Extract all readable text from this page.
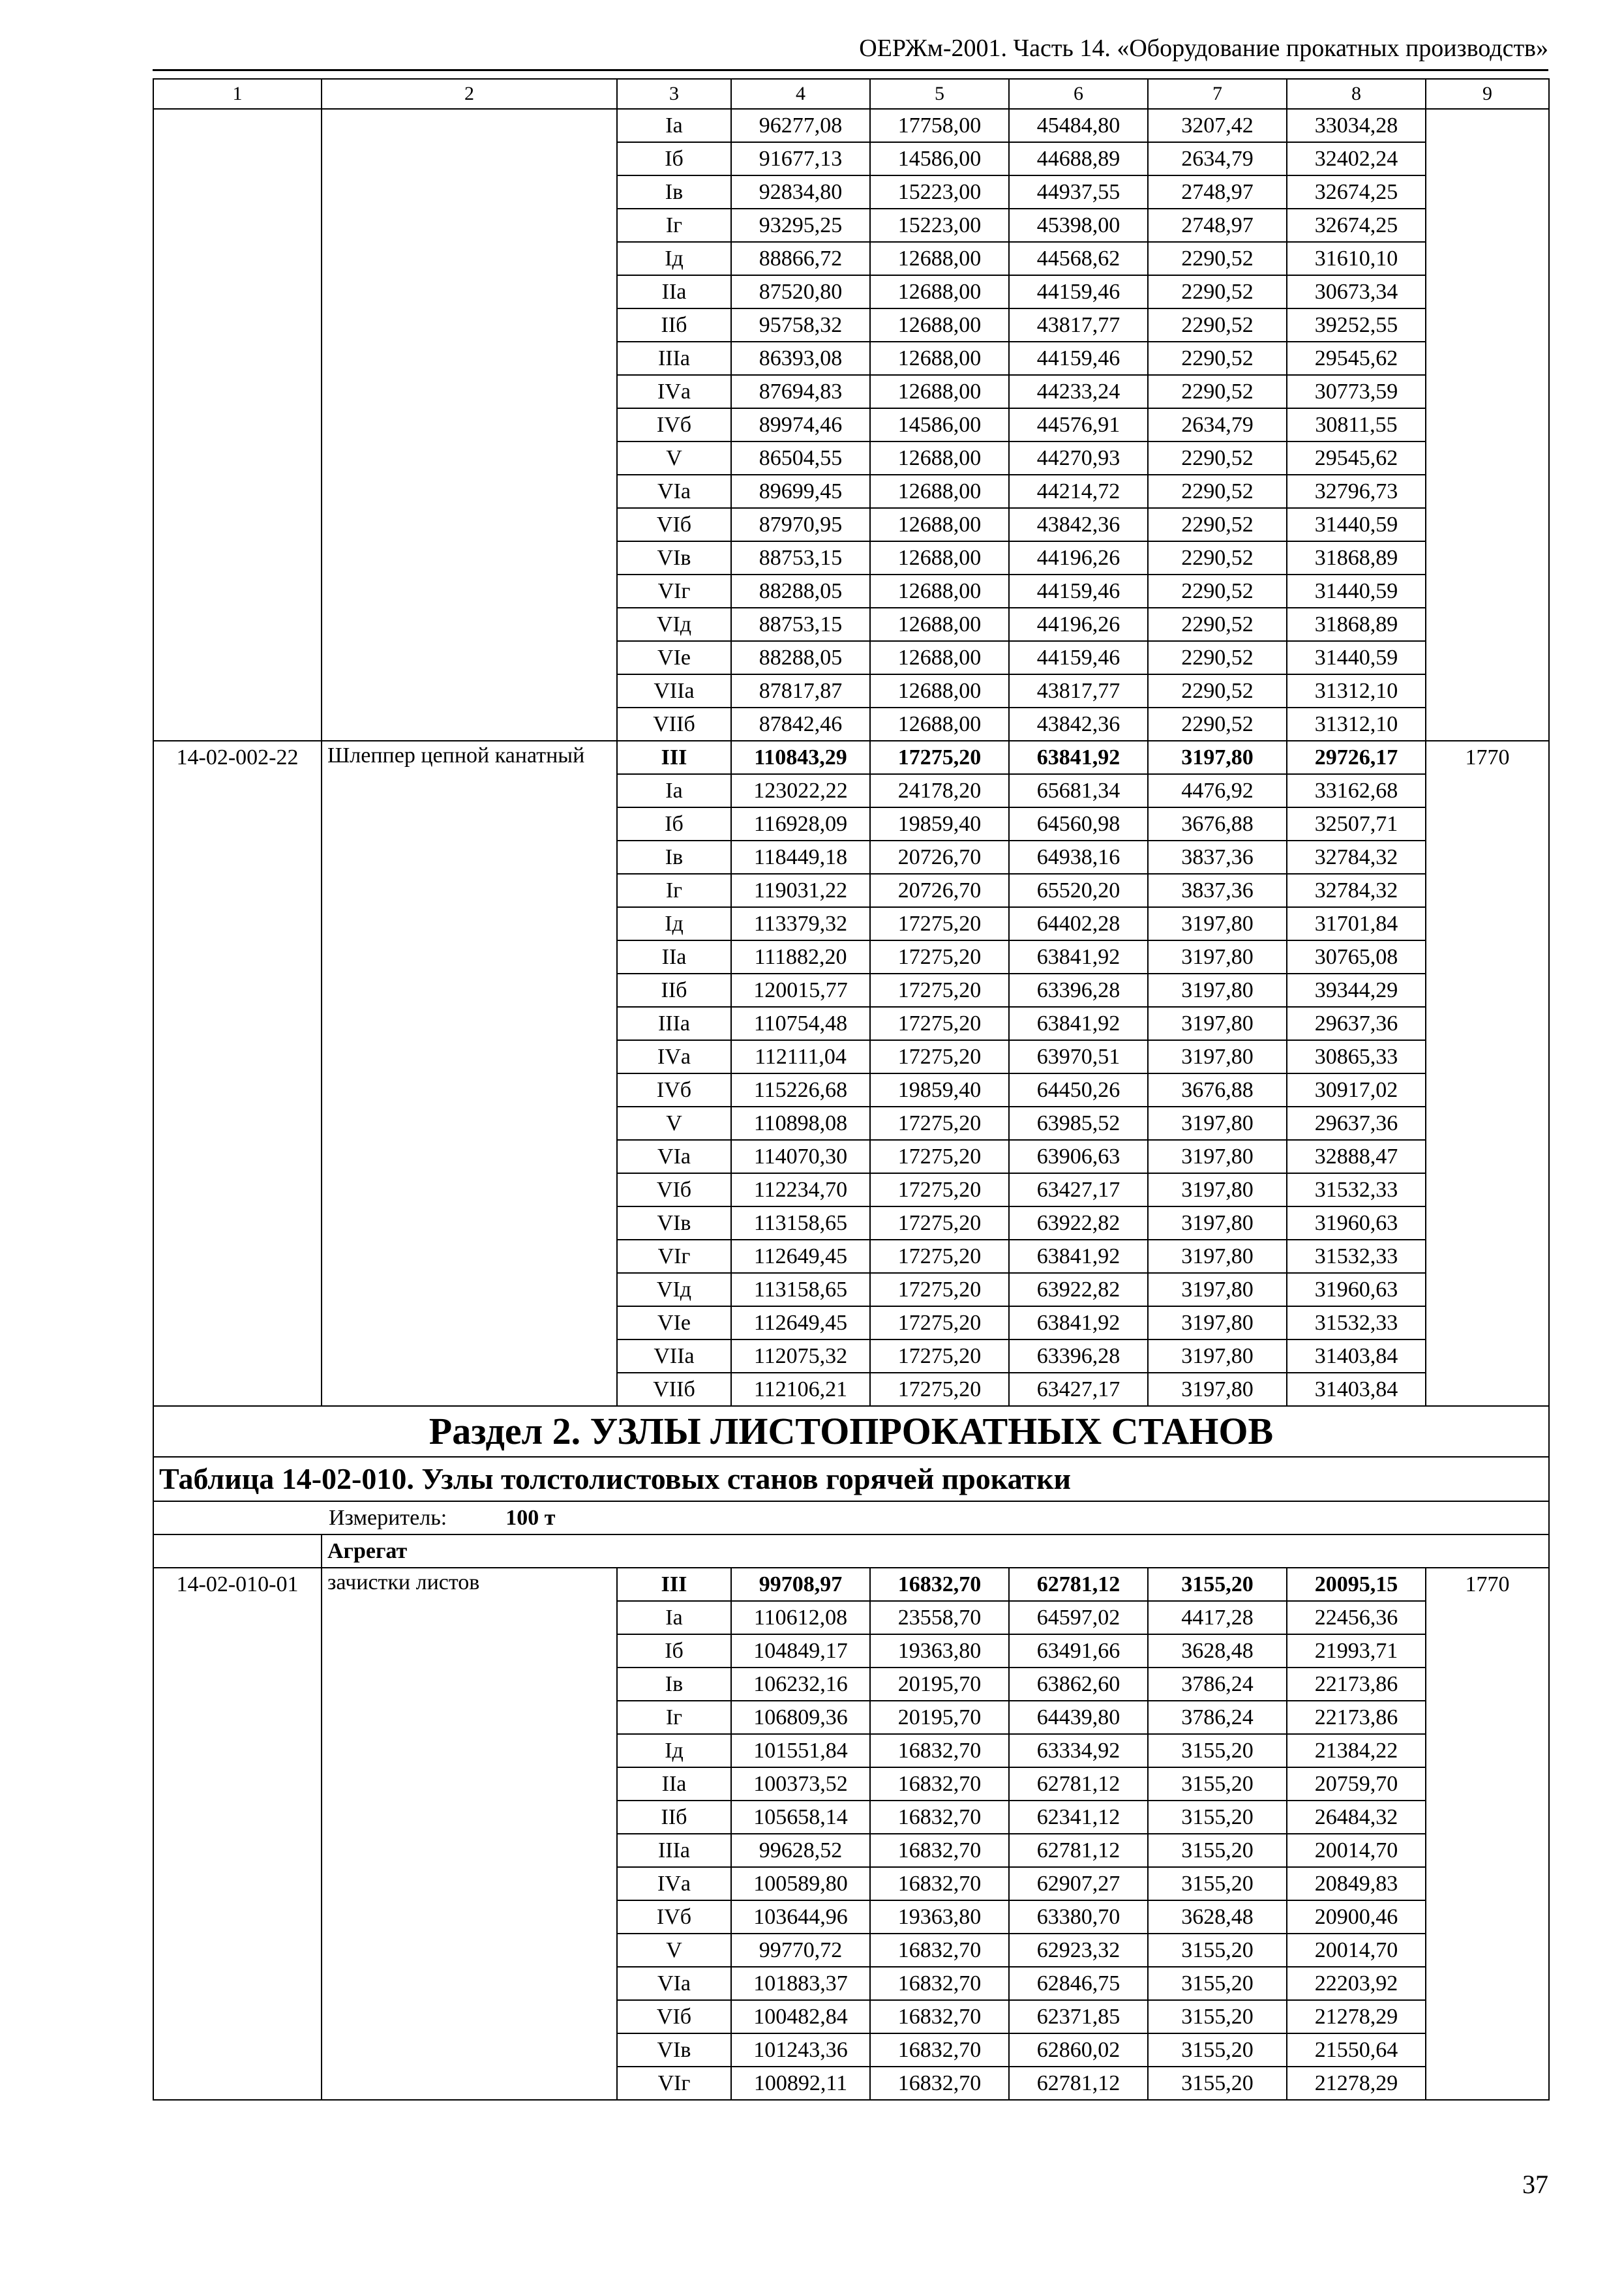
ОЕРЖм-2001. Часть 14. «Оборудование прокатных производств»
1	2	3	4	5	6	7	8	9
		Iа	96277,08	17758,00	45484,80	3207,42	33034,28	
		Iб	91677,13	14586,00	44688,89	2634,79	32402,24	
		Iв	92834,80	15223,00	44937,55	2748,97	32674,25	
		Iг	93295,25	15223,00	45398,00	2748,97	32674,25	
		Iд	88866,72	12688,00	44568,62	2290,52	31610,10	
		IIа	87520,80	12688,00	44159,46	2290,52	30673,34	
		IIб	95758,32	12688,00	43817,77	2290,52	39252,55	
		IIIа	86393,08	12688,00	44159,46	2290,52	29545,62	
		IVа	87694,83	12688,00	44233,24	2290,52	30773,59	
		IVб	89974,46	14586,00	44576,91	2634,79	30811,55	
		V	86504,55	12688,00	44270,93	2290,52	29545,62	
		VIа	89699,45	12688,00	44214,72	2290,52	32796,73	
		VIб	87970,95	12688,00	43842,36	2290,52	31440,59	
		VIв	88753,15	12688,00	44196,26	2290,52	31868,89	
		VIг	88288,05	12688,00	44159,46	2290,52	31440,59	
		VIд	88753,15	12688,00	44196,26	2290,52	31868,89	
		VIе	88288,05	12688,00	44159,46	2290,52	31440,59	
		VIIа	87817,87	12688,00	43817,77	2290,52	31312,10	
		VIIб	87842,46	12688,00	43842,36	2290,52	31312,10	
14-02-002-22	Шлеппер цепной канатный	III	110843,29	17275,20	63841,92	3197,80	29726,17	1770
		Iа	123022,22	24178,20	65681,34	4476,92	33162,68	
		Iб	116928,09	19859,40	64560,98	3676,88	32507,71	
		Iв	118449,18	20726,70	64938,16	3837,36	32784,32	
		Iг	119031,22	20726,70	65520,20	3837,36	32784,32	
		Iд	113379,32	17275,20	64402,28	3197,80	31701,84	
		IIа	111882,20	17275,20	63841,92	3197,80	30765,08	
		IIб	120015,77	17275,20	63396,28	3197,80	39344,29	
		IIIа	110754,48	17275,20	63841,92	3197,80	29637,36	
		IVа	112111,04	17275,20	63970,51	3197,80	30865,33	
		IVб	115226,68	19859,40	64450,26	3676,88	30917,02	
		V	110898,08	17275,20	63985,52	3197,80	29637,36	
		VIа	114070,30	17275,20	63906,63	3197,80	32888,47	
		VIб	112234,70	17275,20	63427,17	3197,80	31532,33	
		VIв	113158,65	17275,20	63922,82	3197,80	31960,63	
		VIг	112649,45	17275,20	63841,92	3197,80	31532,33	
		VIд	113158,65	17275,20	63922,82	3197,80	31960,63	
		VIе	112649,45	17275,20	63841,92	3197,80	31532,33	
		VIIа	112075,32	17275,20	63396,28	3197,80	31403,84	
		VIIб	112106,21	17275,20	63427,17	3197,80	31403,84	
Раздел 2. УЗЛЫ ЛИСТОПРОКАТНЫХ СТАНОВ								
Таблица 14-02-010. Узлы толстолистовых станов горячей прокатки								
Измеритель: 100 т								
	Агрегат							
14-02-010-01	зачистки листов	III	99708,97	16832,70	62781,12	3155,20	20095,15	1770
		Iа	110612,08	23558,70	64597,02	4417,28	22456,36	
		Iб	104849,17	19363,80	63491,66	3628,48	21993,71	
		Iв	106232,16	20195,70	63862,60	3786,24	22173,86	
		Iг	106809,36	20195,70	64439,80	3786,24	22173,86	
		Iд	101551,84	16832,70	63334,92	3155,20	21384,22	
		IIа	100373,52	16832,70	62781,12	3155,20	20759,70	
		IIб	105658,14	16832,70	62341,12	3155,20	26484,32	
		IIIа	99628,52	16832,70	62781,12	3155,20	20014,70	
		IVа	100589,80	16832,70	62907,27	3155,20	20849,83	
		IVб	103644,96	19363,80	63380,70	3628,48	20900,46	
		V	99770,72	16832,70	62923,32	3155,20	20014,70	
		VIа	101883,37	16832,70	62846,75	3155,20	22203,92	
		VIб	100482,84	16832,70	62371,85	3155,20	21278,29	
		VIв	101243,36	16832,70	62860,02	3155,20	21550,64	
		VIг	100892,11	16832,70	62781,12	3155,20	21278,29	
37
